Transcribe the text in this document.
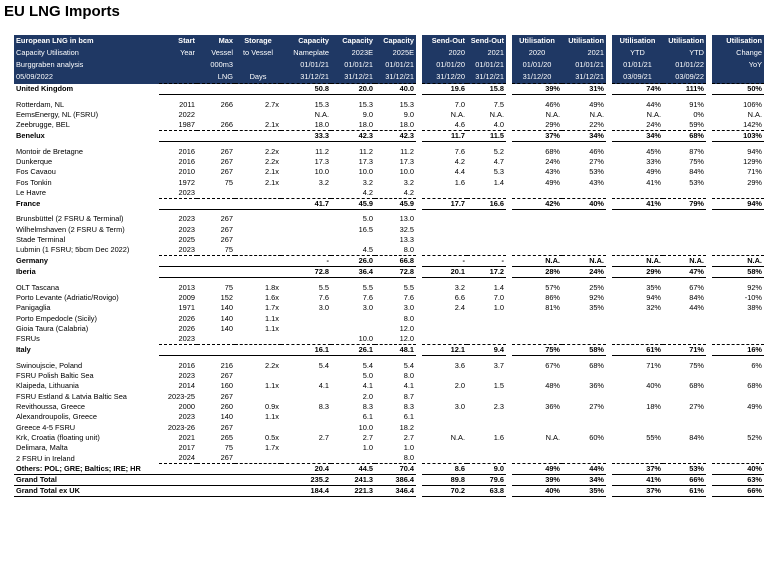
EU LNG Imports
European LNG in bcm	Start	Max	Storage	Capacity	Capacity	Capacity	Send-Out	Send-Out	Utilisation	Utilisation	Utilisation	Utilisation	Utilisation
Capacity Utilisation	Year	Vessel	to Vessel	Nameplate	2023E	2025E	2020	2021	2020	2021	YTD	YTD	Change
Burggraben analysis		000m3		01/01/21	01/01/21	01/01/21	01/01/20	01/01/21	01/01/20	01/01/21	01/01/21	01/01/22	YoY
05/09/2022		LNG	Days	31/12/21	31/12/21	31/12/21	31/12/20	31/12/21	31/12/20	31/12/21	03/09/21	03/09/22	
United Kingdom				50.8	20.0	40.0	19.6	15.8	39%	31%	74%	111%	50%

Rotterdam, NL	2011	266	2.7x	15.3	15.3	15.3	7.0	7.5	46%	49%	44%	91%	106%
EemsEnergy, NL (FSRU)	2022			N.A.	9.0	9.0	N.A.	N.A.	N.A.	N.A.	N.A.	0%	N.A.
Zeebrugge, BEL	1987	266	2.1x	18.0	18.0	18.0	4.6	4.0	29%	22%	24%	59%	142%
Benelux				33.3	42.3	42.3	11.7	11.5	37%	34%	34%	68%	103%

Montoir de Bretagne	2016	267	2.2x	11.2	11.2	11.2	7.6	5.2	68%	46%	45%	87%	94%
Dunkerque	2016	267	2.2x	17.3	17.3	17.3	4.2	4.7	24%	27%	33%	75%	129%
Fos Cavaou	2010	267	2.1x	10.0	10.0	10.0	4.4	5.3	43%	53%	49%	84%	71%
Fos Tonkin	1972	75	2.1x	3.2	3.2	3.2	1.6	1.4	49%	43%	41%	53%	29%
Le Havre	2023				4.2	4.2							
France				41.7	45.9	45.9	17.7	16.6	42%	40%	41%	79%	94%

Brunsbüttel (2 FSRU & Terminal)	2023	267			5.0	13.0							
Wilhelmshaven (2 FSRU & Term)	2023	267			16.5	32.5							
Stade Terminal	2025	267				13.3							
Lubmin (1 FSRU; 5bcm Dec 2022)	2023	75			4.5	8.0							
Germany				-	26.0	66.8	-	-	N.A.	N.A.	N.A.	N.A.	N.A.
Iberia				72.8	36.4	72.8	20.1	17.2	28%	24%	29%	47%	58%

OLT Tascana	2013	75	1.8x	5.5	5.5	5.5	3.2	1.4	57%	25%	35%	67%	92%
Porto Levante (Adriatic/Rovigo)	2009	152	1.6x	7.6	7.6	7.6	6.6	7.0	86%	92%	94%	84%	-10%
Panigaglia	1971	140	1.7x	3.0	3.0	3.0	2.4	1.0	81%	35%	32%	44%	38%
Porto Empedocle (Sicily)	2026	140	1.1x			8.0							
Gioia Taura (Calabria)	2026	140	1.1x			12.0							
FSRUs	2023				10.0	12.0							
Italy				16.1	26.1	48.1	12.1	9.4	75%	58%	61%	71%	16%

Swinoujscie, Poland	2016	216	2.2x	5.4	5.4	5.4	3.6	3.7	67%	68%	71%	75%	6%
FSRU Polish Baltic Sea	2023	267			5.0	8.0							
Klaipeda, Lithuania	2014	160	1.1x	4.1	4.1	4.1	2.0	1.5	48%	36%	40%	68%	68%
FSRU Estland & Latvia Baltic Sea	2023-25	267			2.0	8.7							
Revithoussa, Greece	2000	260	0.9x	8.3	8.3	8.3	3.0	2.3	36%	27%	18%	27%	49%
Alexandroupolis, Greece	2023	140	1.1x		6.1	6.1							
Greece 4-5 FSRU	2023-26	267			10.0	18.2							
Krk, Croatia (floating unit)	2021	265	0.5x	2.7	2.7	2.7	N.A.	1.6	N.A.	60%	55%	84%	52%
Delimara, Malta	2017	75	1.7x		1.0	1.0							
2 FSRU in Ireland	2024	267				8.0							
Others: POL; GRE; Baltics; IRE; HR				20.4	44.5	70.4	8.6	9.0	49%	44%	37%	53%	40%
Grand Total				235.2	241.3	386.4	89.8	79.6	39%	34%	41%	66%	63%
Grand Total ex UK				184.4	221.3	346.4	70.2	63.8	40%	35%	37%	61%	66%
